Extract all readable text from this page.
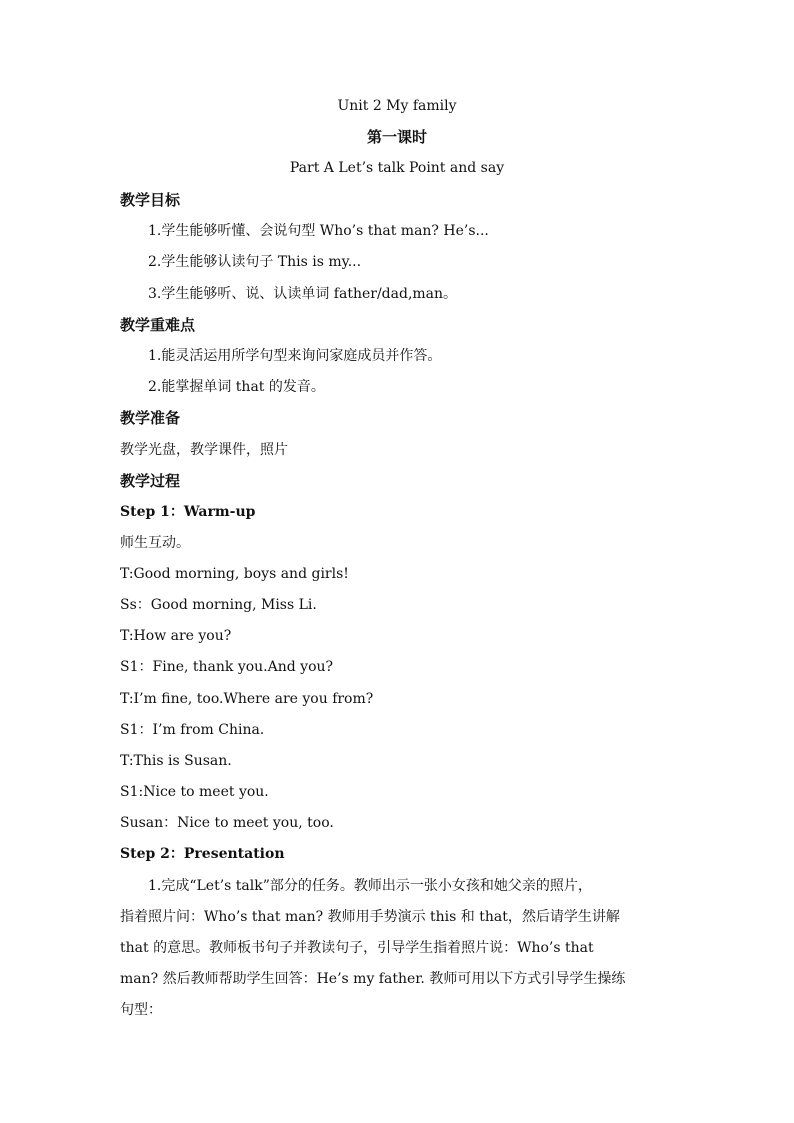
Unit 2 My family
第一课时
Part A Let’s talk Point and say
教学目标
1.学生能够听懂、会说句型 Who’s that man? He’s...
2.学生能够认读句子 This is my...
3.学生能够听、说、认读单词 father/dad,man。
教学重难点
1.能灵活运用所学句型来询问家庭成员并作答。
2.能掌握单词 that 的发音。
教学准备
教学光盘，教学课件，照片
教学过程
Step 1：Warm-up
师生互动。
T:Good morning, boys and girls!
Ss：Good morning, Miss Li.
T:How are you?
S1：Fine, thank you.And you?
T:I’m fine, too.Where are you from?
S1：I’m from China.
T:This is Susan.
S1:Nice to meet you.
Susan：Nice to meet you, too.
Step 2：Presentation
1.完成“Let’s talk”部分的任务。教师出示一张小女孩和她父亲的照片，
指着照片问：Who’s that man? 教师用手势演示 this 和 that，然后请学生讲解
that 的意思。教师板书句子并教读句子，引导学生指着照片说：Who’s that
man? 然后教师帮助学生回答：He’s my father. 教师可用以下方式引导学生操练
句型：
